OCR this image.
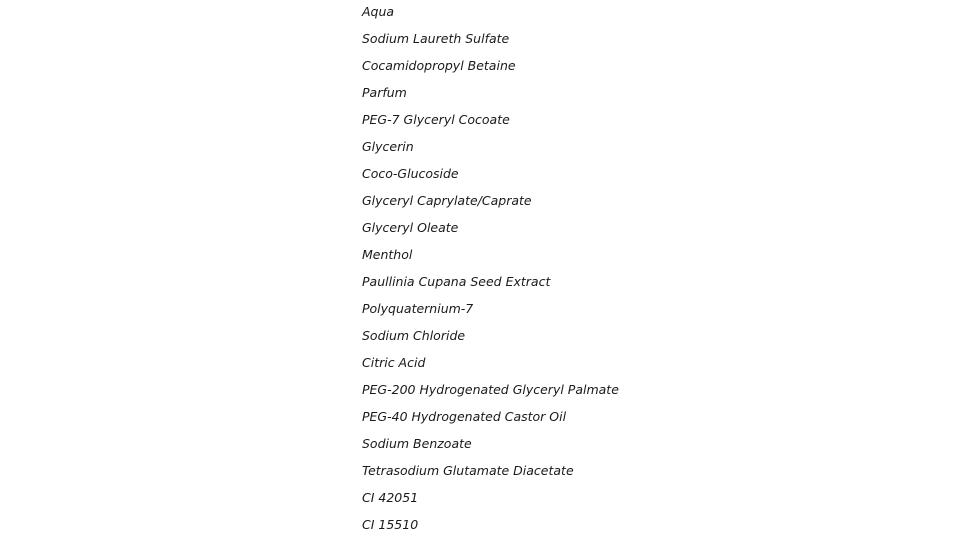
Aqua
Sodium Laureth Sulfate
Cocamidopropyl Betaine
Parfum
PEG-7 Glyceryl Cocoate
Glycerin
Coco-Glucoside
Glyceryl Caprylate/Caprate
Glyceryl Oleate
Menthol
Paullinia Cupana Seed Extract
Polyquaternium-7
Sodium Chloride
Citric Acid
PEG-200 Hydrogenated Glyceryl Palmate
PEG-40 Hydrogenated Castor Oil
Sodium Benzoate
Tetrasodium Glutamate Diacetate
CI 42051
CI 15510
